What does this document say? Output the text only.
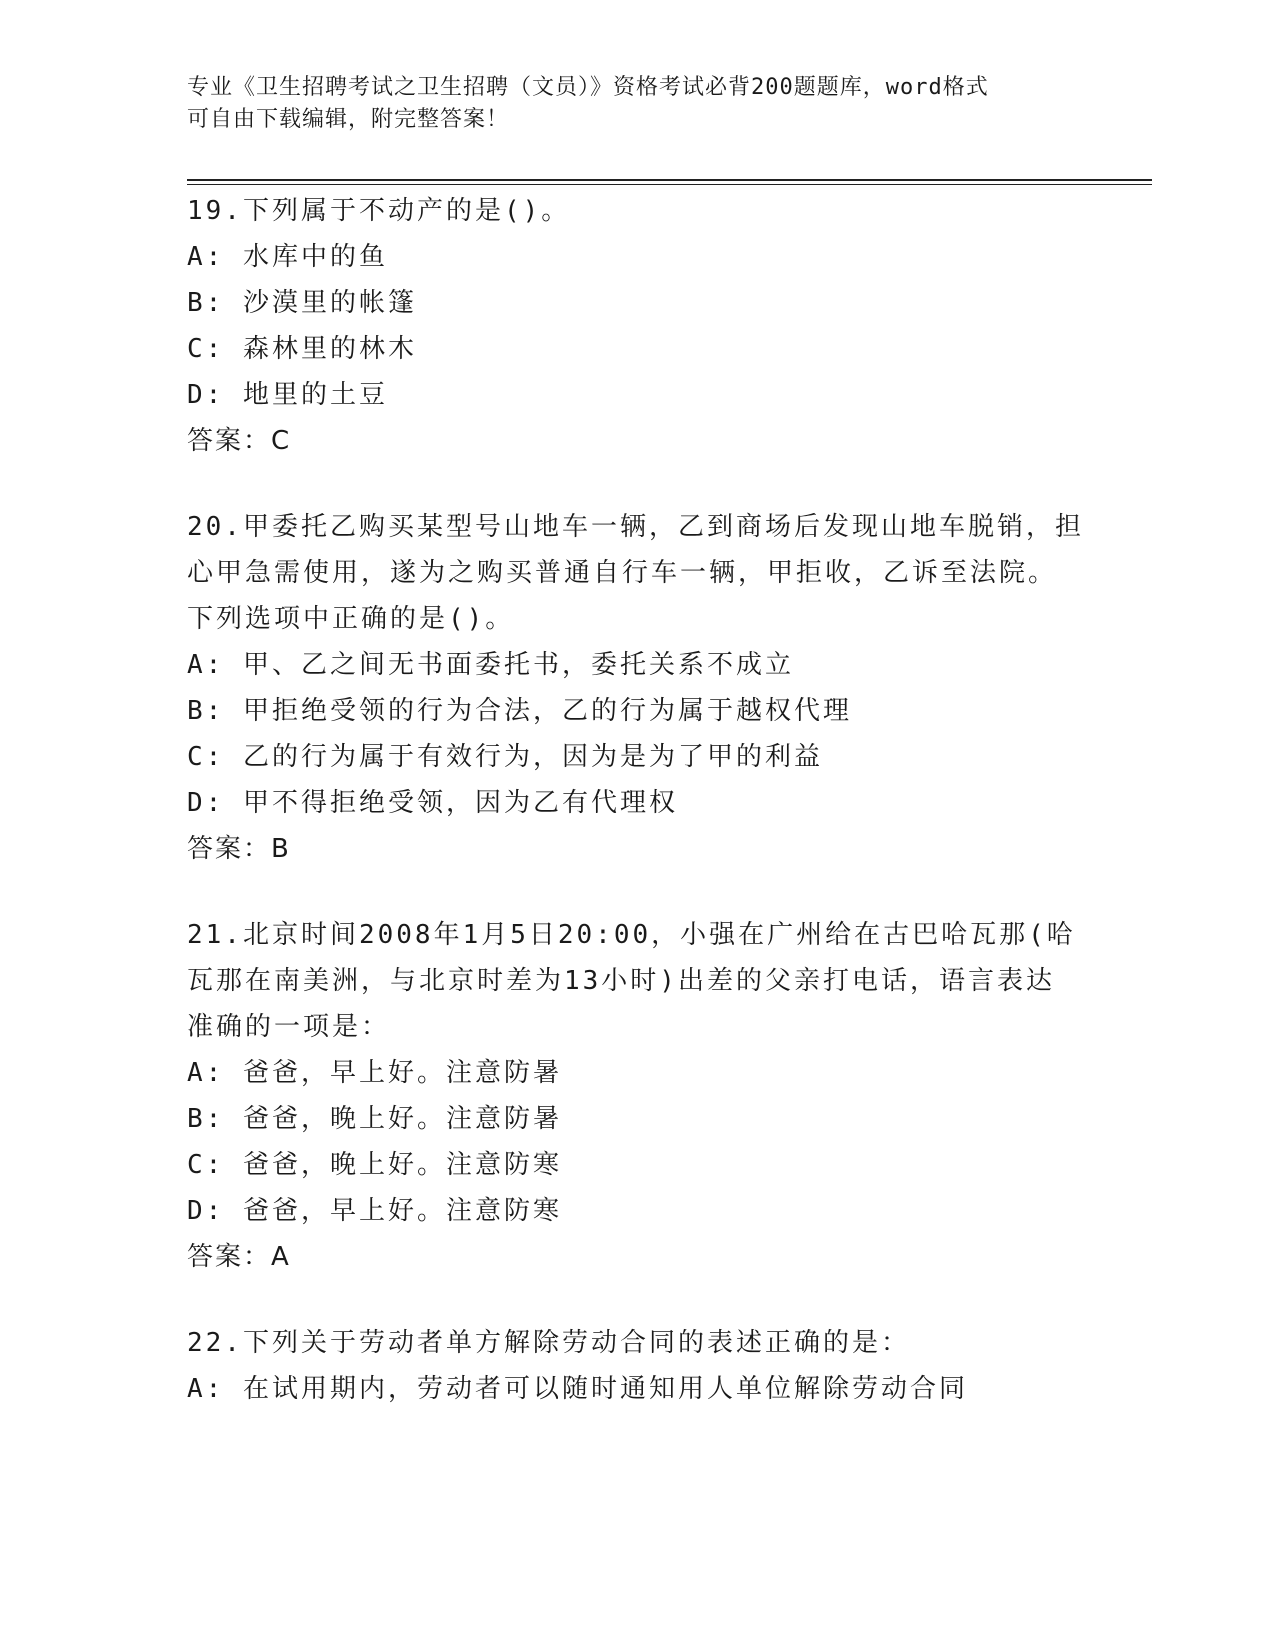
专业《卫生招聘考试之卫生招聘（文员）》资格考试必背200题题库，word格式
可自由下载编辑，附完整答案！
19.下列属于不动产的是()。
A: 水库中的鱼
B: 沙漠里的帐篷
C: 森林里的林木
D: 地里的土豆
答案：C
20.甲委托乙购买某型号山地车一辆，乙到商场后发现山地车脱销，担
心甲急需使用，遂为之购买普通自行车一辆，甲拒收，乙诉至法院。
下列选项中正确的是()。
A: 甲、乙之间无书面委托书，委托关系不成立
B: 甲拒绝受领的行为合法，乙的行为属于越权代理
C: 乙的行为属于有效行为，因为是为了甲的利益
D: 甲不得拒绝受领，因为乙有代理权
答案：B
21.北京时间2008年1月5日20:00，小强在广州给在古巴哈瓦那(哈
瓦那在南美洲，与北京时差为13小时)出差的父亲打电话，语言表达
准确的一项是：
A: 爸爸，早上好。注意防暑
B: 爸爸，晚上好。注意防暑
C: 爸爸，晚上好。注意防寒
D: 爸爸，早上好。注意防寒
答案：A
22.下列关于劳动者单方解除劳动合同的表述正确的是：
A: 在试用期内，劳动者可以随时通知用人单位解除劳动合同
